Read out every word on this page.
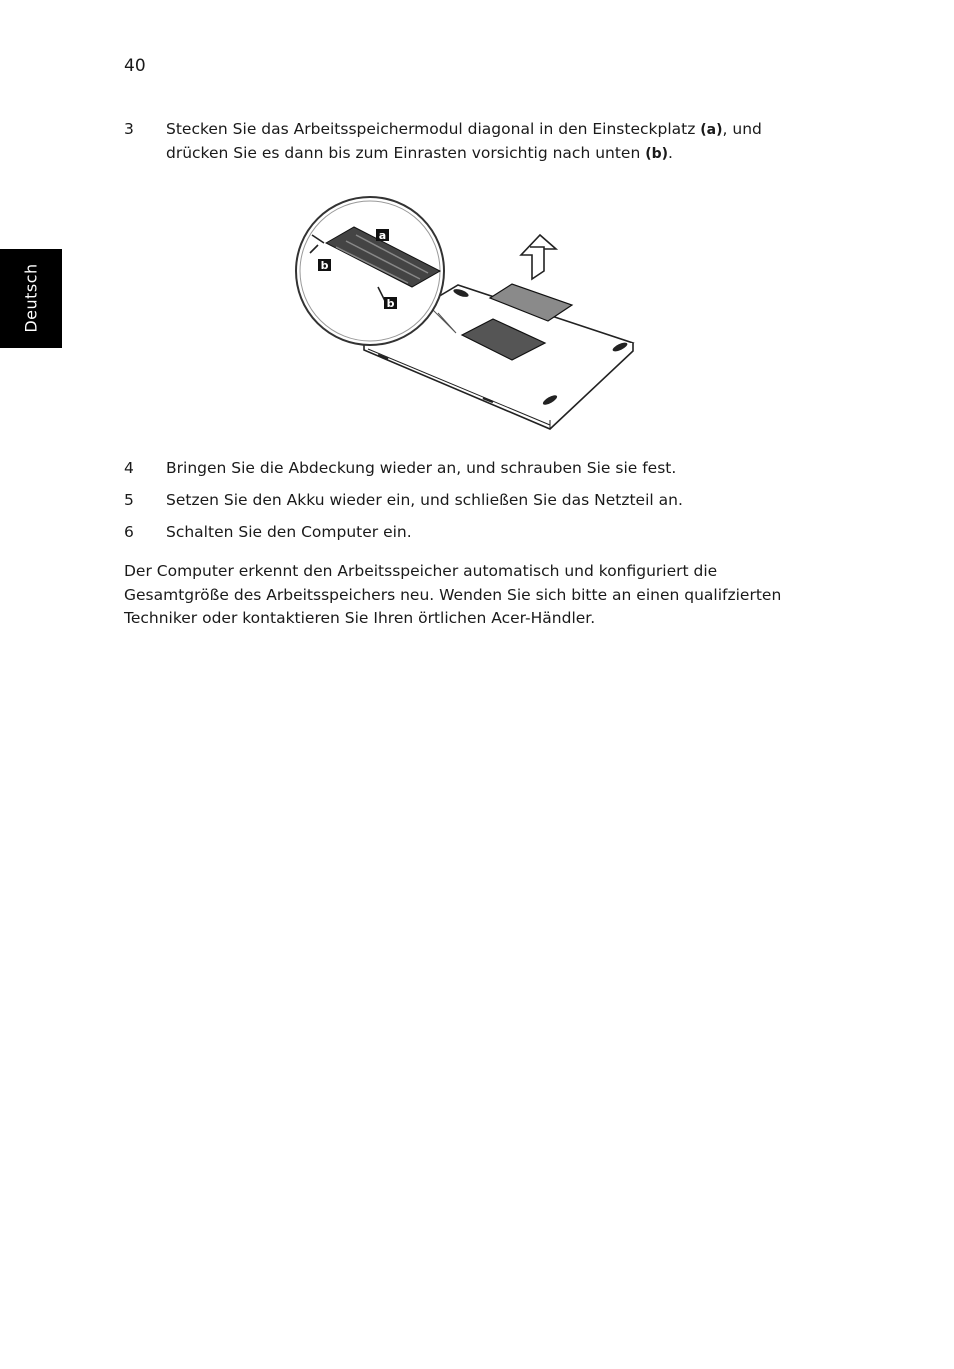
40
Deutsch
3 Stecken Sie das Arbeitsspeichermodul diagonal in den Einsteckplatz (a), und drücken Sie es dann bis zum Einrasten vorsichtig nach unten (b).
a
b
b
4 Bringen Sie die Abdeckung wieder an, und schrauben Sie sie fest.
5 Setzen Sie den Akku wieder ein, und schließen Sie das Netzteil an.
6 Schalten Sie den Computer ein.
Der Computer erkennt den Arbeitsspeicher automatisch und konfiguriert die Gesamtgröße des Arbeitsspeichers neu. Wenden Sie sich bitte an einen qualifzierten Techniker oder kontaktieren Sie Ihren örtlichen Acer-Händler.
